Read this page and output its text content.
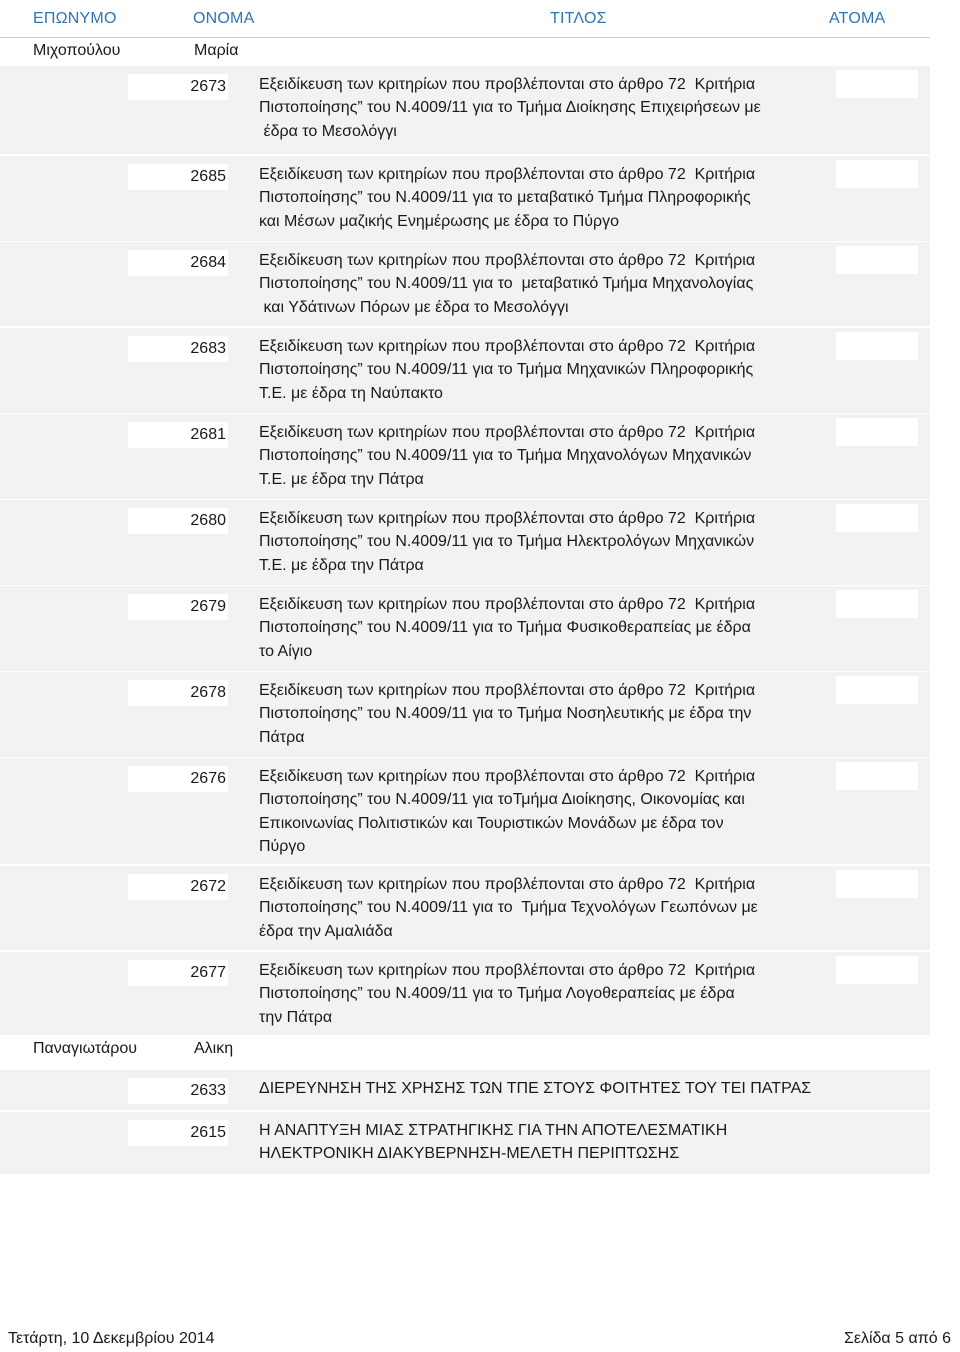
ΕΠΩΝΥΜΟ	ΟΝΟΜΑ	ΤΙΤΛΟΣ	ΑΤΟΜΑ
Μιχοπούλου	Μαρία
2673 Εξειδίκευση των κριτηρίων που προβλέπονται στο άρθρο 72  Κριτήρια
Πιστοποίησης” του Ν.4009/11 για το Τμήμα Διοίκησης Επιχειρήσεων με
έδρα το Μεσολόγγι
2685 Εξειδίκευση των κριτηρίων που προβλέπονται στο άρθρο 72  Κριτήρια
Πιστοποίησης” του Ν.4009/11 για το μεταβατικό Τμήμα Πληροφορικής
και Μέσων μαζικής Ενημέρωσης με έδρα το Πύργο
2684 Εξειδίκευση των κριτηρίων που προβλέπονται στο άρθρο 72  Κριτήρια
Πιστοποίησης” του Ν.4009/11 για το  μεταβατικό Τμήμα Μηχανολογίας
και Υδάτινων Πόρων με έδρα το Μεσολόγγι
2683 Εξειδίκευση των κριτηρίων που προβλέπονται στο άρθρο 72  Κριτήρια
Πιστοποίησης” του Ν.4009/11 για το Τμήμα Μηχανικών Πληροφορικής
Τ.Ε. με έδρα τη Ναύπακτο
2681 Εξειδίκευση των κριτηρίων που προβλέπονται στο άρθρο 72  Κριτήρια
Πιστοποίησης” του Ν.4009/11 για το Τμήμα Μηχανολόγων Μηχανικών
Τ.Ε. με έδρα την Πάτρα
2680 Εξειδίκευση των κριτηρίων που προβλέπονται στο άρθρο 72  Κριτήρια
Πιστοποίησης” του Ν.4009/11 για το Τμήμα Ηλεκτρολόγων Μηχανικών
Τ.Ε. με έδρα την Πάτρα
2679 Εξειδίκευση των κριτηρίων που προβλέπονται στο άρθρο 72  Κριτήρια
Πιστοποίησης” του Ν.4009/11 για το Τμήμα Φυσικοθεραπείας με έδρα
το Αίγιο
2678 Εξειδίκευση των κριτηρίων που προβλέπονται στο άρθρο 72  Κριτήρια
Πιστοποίησης” του Ν.4009/11 για το Τμήμα Νοσηλευτικής με έδρα την
Πάτρα
2676 Εξειδίκευση των κριτηρίων που προβλέπονται στο άρθρο 72  Κριτήρια
Πιστοποίησης” του Ν.4009/11 για τοΤμήμα Διοίκησης, Οικονομίας και
Επικοινωνίας Πολιτιστικών και Τουριστικών Μονάδων με έδρα τον
Πύργο
2672 Εξειδίκευση των κριτηρίων που προβλέπονται στο άρθρο 72  Κριτήρια
Πιστοποίησης” του Ν.4009/11 για το  Τμήμα Τεχνολόγων Γεωπόνων με
έδρα την Αμαλιάδα
2677 Εξειδίκευση των κριτηρίων που προβλέπονται στο άρθρο 72  Κριτήρια
Πιστοποίησης” του Ν.4009/11 για το Τμήμα Λογοθεραπείας με έδρα
την Πάτρα
Παναγιωτάρου	Αλικη
2633 ΔΙΕΡΕΥΝΗΣΗ ΤΗΣ ΧΡΗΣΗΣ ΤΩΝ ΤΠΕ ΣΤΟΥΣ ΦΟΙΤΗΤΕΣ ΤΟΥ ΤΕΙ ΠΑΤΡΑΣ
2615 Η ΑΝΑΠΤΥΞΗ ΜΙΑΣ ΣΤΡΑΤΗΓΙΚΗΣ ΓΙΑ ΤΗΝ ΑΠΟΤΕΛΕΣΜΑΤΙΚΗ
ΗΛΕΚΤΡΟΝΙΚΗ ΔΙΑΚΥΒΕΡΝΗΣΗ-ΜΕΛΕΤΗ ΠΕΡΙΠΤΩΣΗΣ
Τετάρτη, 10 Δεκεμβρίου 2014	Σελίδα 5 από 6
